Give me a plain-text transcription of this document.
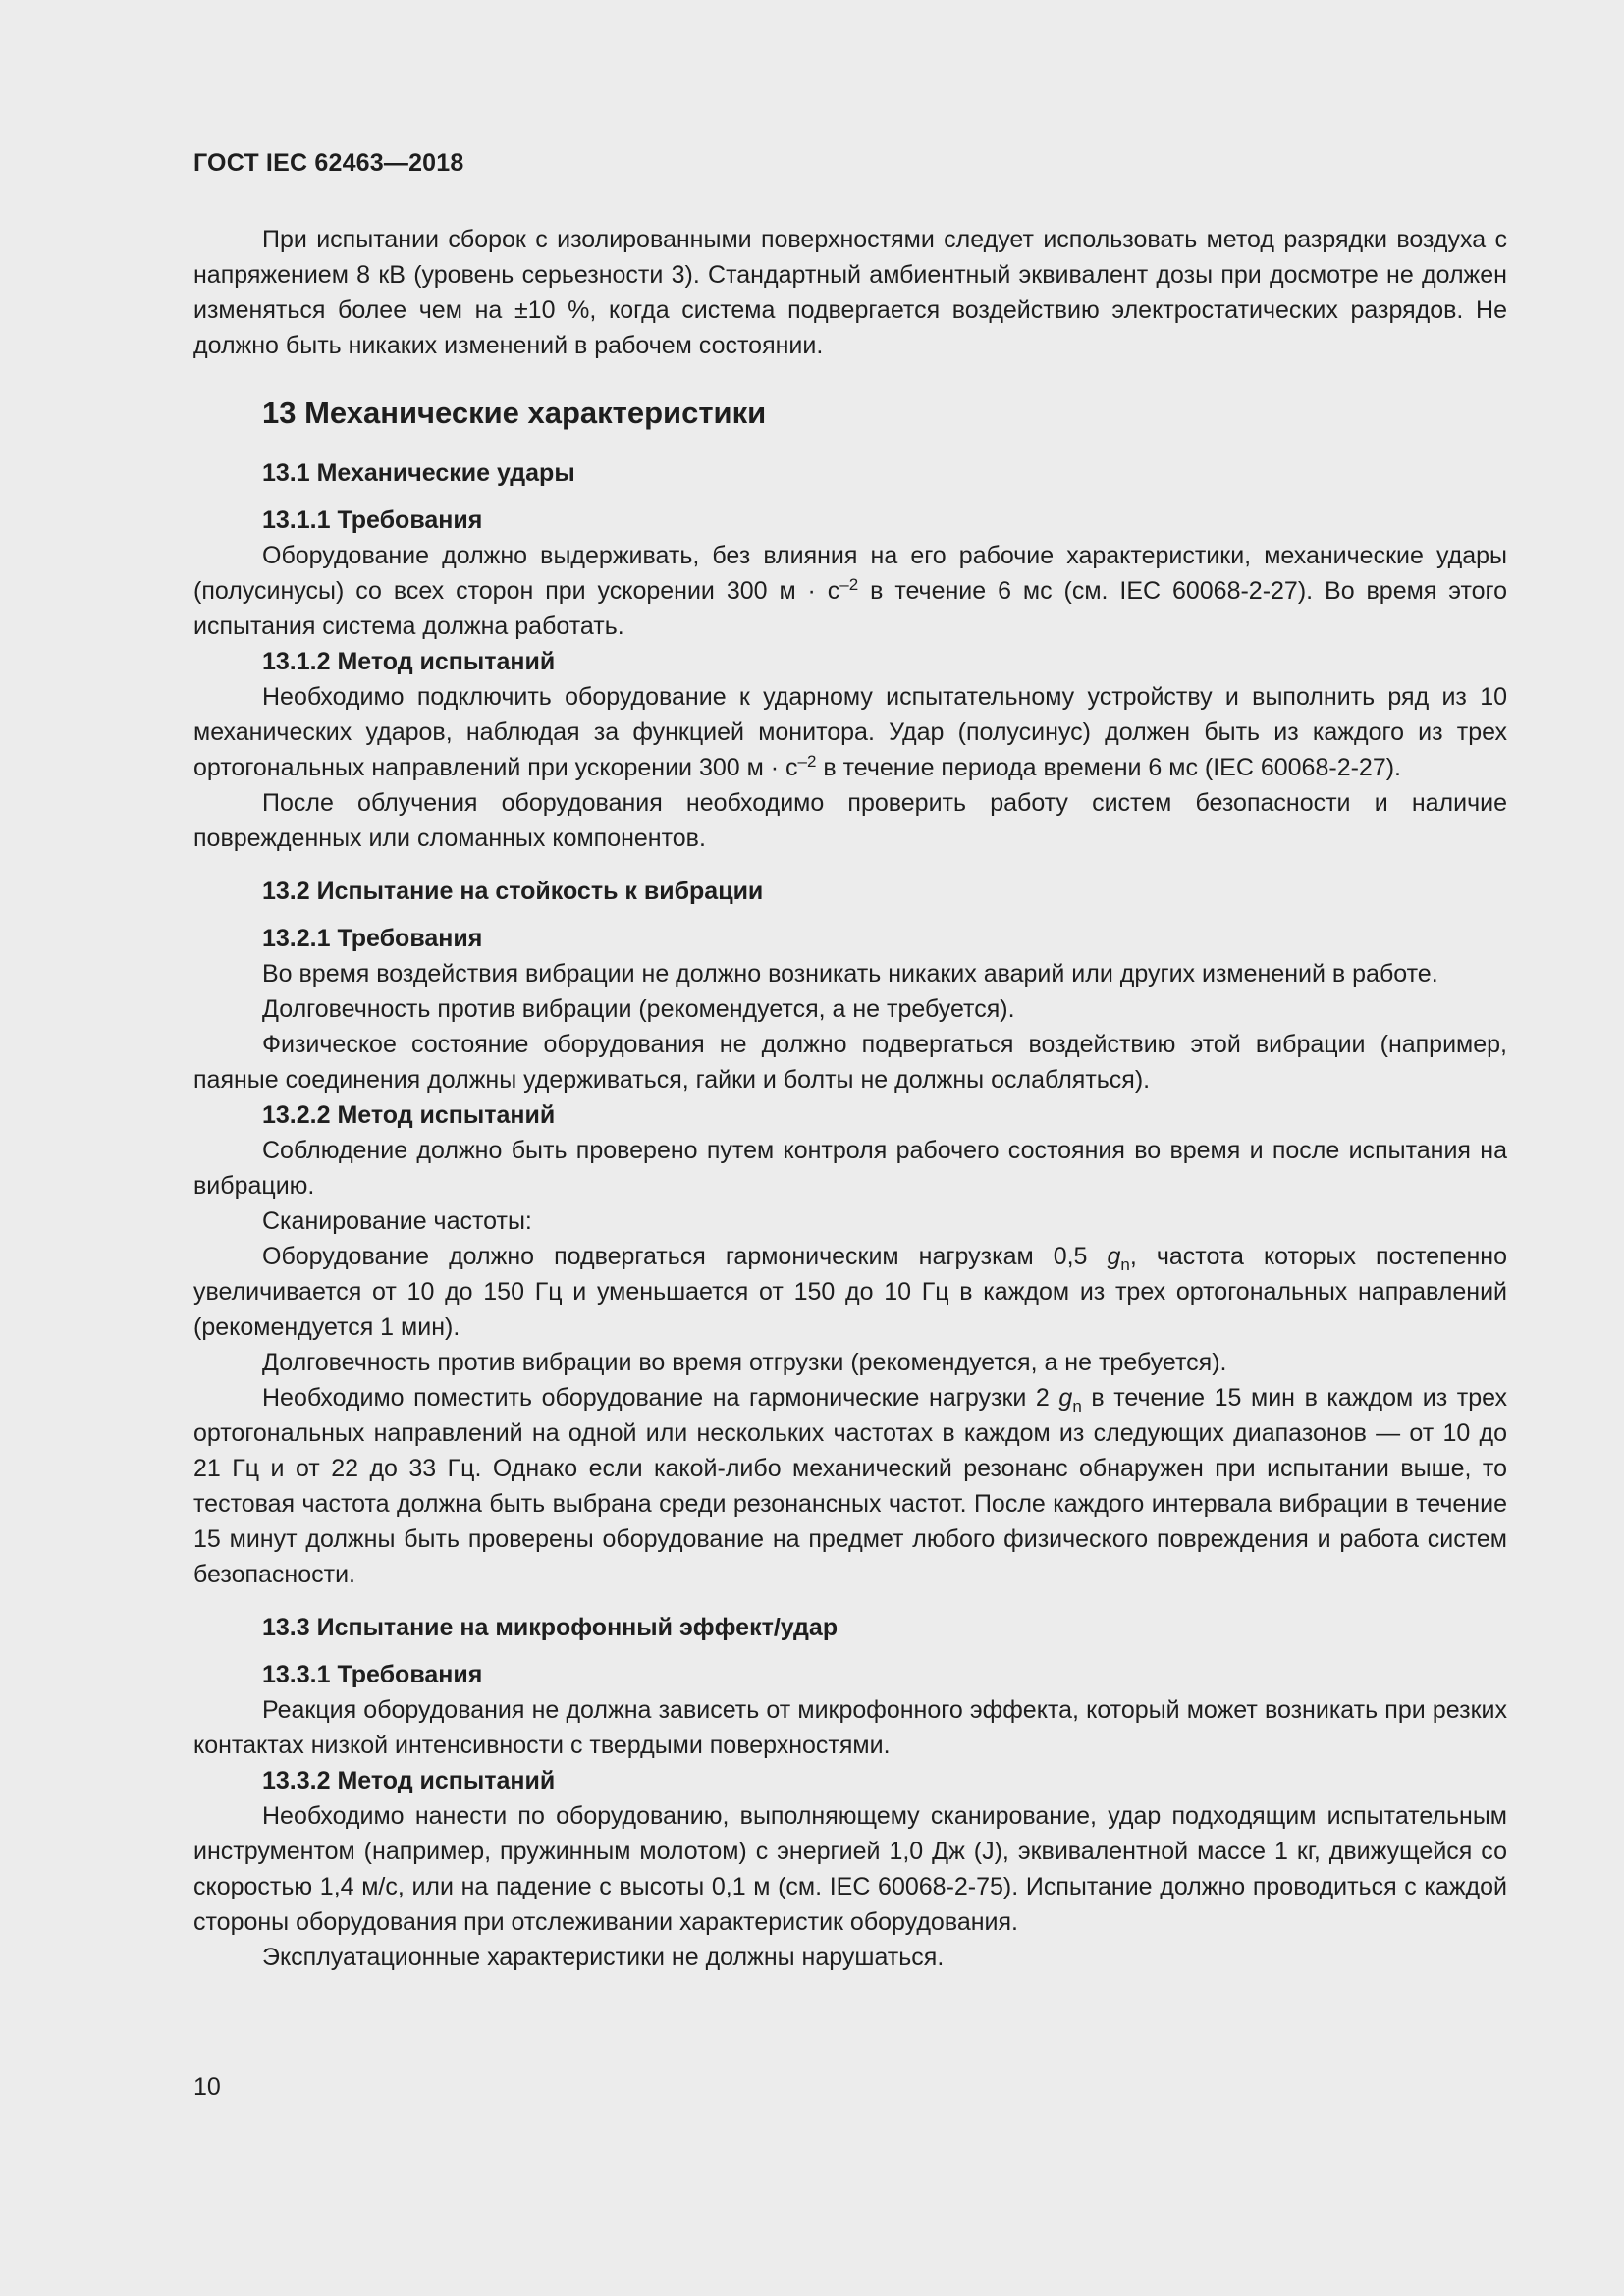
ГОСТ IEC 62463—2018

При испытании сборок с изолированными поверхностями следует использовать метод разрядки воздуха с напряжением 8 кВ (уровень серьезности 3). Стандартный амбиентный эквивалент дозы при досмотре не должен изменяться более чем на ±10 %, когда система подвергается воздействию электростатических разрядов. Не должно быть никаких изменений в рабочем состоянии.

13 Механические характеристики
13.1 Механические удары
13.1.1 Требования

Оборудование должно выдерживать, без влияния на его рабочие характеристики, механические удары (полусинусы) со всех сторон при ускорении 300 $м \cdot с^{-2}$ в течение 6 мс (см. IEC 60068-2-27). Во время этого испытания система должна работать.

13.1.2 Метод испытаний

Необходимо подключить оборудование к ударному испытательному устройству и выполнить ряд из 10 механических ударов, наблюдая за функцией монитора. Удар (полусинус) должен быть из каждого из трех ортогональных направлений при ускорении 300 $м \cdot с^{-2}$ в течение периода времени 6 мс (IEC 60068-2-27).

После облучения оборудования необходимо проверить работу систем безопасности и наличие поврежденных или сломанных компонентов.

13.2 Испытание на стойкость к вибрации
13.2.1 Требования

Во время воздействия вибрации не должно возникать никаких аварий или других изменений в работе.

Долговечность против вибрации (рекомендуется, а не требуется).

Физическое состояние оборудования не должно подвергаться воздействию этой вибрации (например, паяные соединения должны удерживаться, гайки и болты не должны ослабляться).

13.2.2 Метод испытаний

Соблюдение должно быть проверено путем контроля рабочего состояния во время и после испытания на вибрацию.

Сканирование частоты:

Оборудование должно подвергаться гармоническим нагрузкам 0,5 $g_n$, частота которых постепенно увеличивается от 10 до 150 Гц и уменьшается от 150 до 10 Гц в каждом из трех ортогональных направлений (рекомендуется 1 мин).

Долговечность против вибрации во время отгрузки (рекомендуется, а не требуется).

Необходимо поместить оборудование на гармонические нагрузки 2 $g_n$ в течение 15 мин в каждом из трех ортогональных направлений на одной или нескольких частотах в каждом из следующих диапазонов — от 10 до 21 Гц и от 22 до 33 Гц. Однако если какой-либо механический резонанс обнаружен при испытании выше, то тестовая частота должна быть выбрана среди резонансных частот. После каждого интервала вибрации в течение 15 минут должны быть проверены оборудование на предмет любого физического повреждения и работа систем безопасности.

13.3 Испытание на микрофонный эффект/удар
13.3.1 Требования

Реакция оборудования не должна зависеть от микрофонного эффекта, который может возникать при резких контактах низкой интенсивности с твердыми поверхностями.

13.3.2 Метод испытаний

Необходимо нанести по оборудованию, выполняющему сканирование, удар подходящим испытательным инструментом (например, пружинным молотом) с энергией 1,0 Дж (J), эквивалентной массе 1 кг, движущейся со скоростью 1,4 м/с, или на падение с высоты 0,1 м (см. IEC 60068-2-75). Испытание должно проводиться с каждой стороны оборудования при отслеживании характеристик оборудования.

Эксплуатационные характеристики не должны нарушаться.

10
